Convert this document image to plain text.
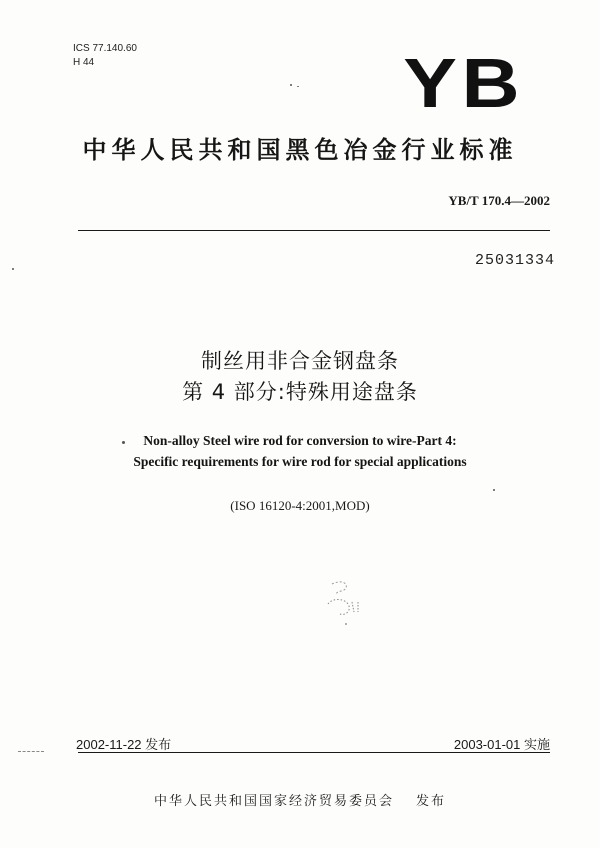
ICS 77.140.60
H 44	YB
中华人民共和国黑色冶金行业标准
YB/T 170.4—2002
25031334
制丝用非合金钢盘条
第 4 部分:特殊用途盘条
Non-alloy Steel wire rod for conversion to wire-Part 4:
Specific requirements for wire rod for special applications
(ISO 16120-4:2001,MOD)
2002-11-22 发布	2003-01-01 实施
中华人民共和国国家经济贸易委员会 发布
